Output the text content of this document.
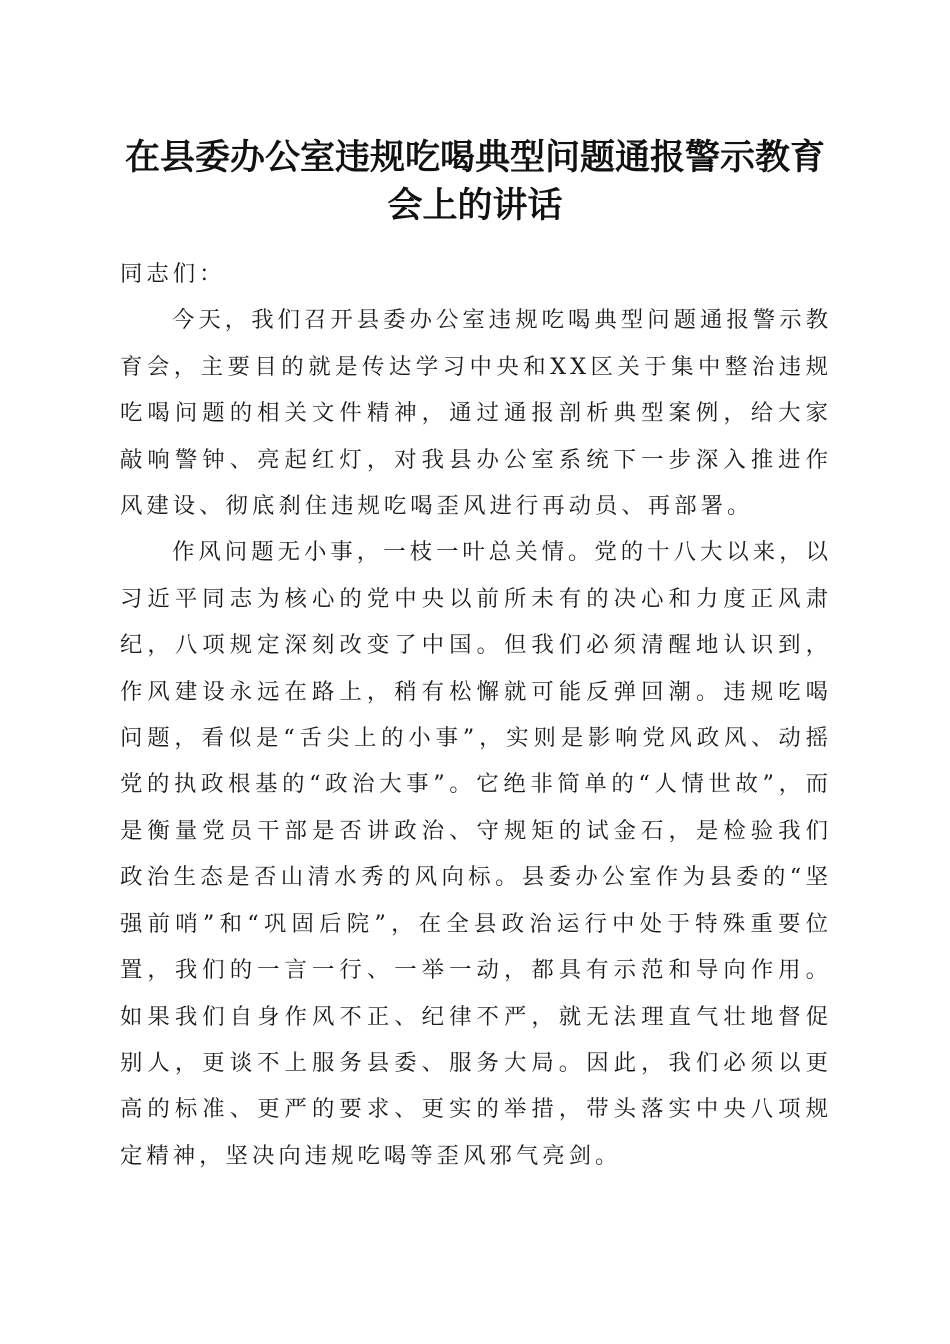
在县委办公室违规吃喝典型问题通报警示教育
会上的讲话

同志们：

今天，我们召开县委办公室违规吃喝典型问题通报警示教育会，主要目的就是传达学习中央和XX区关于集中整治违规吃喝问题的相关文件精神，通过通报剖析典型案例，给大家敲响警钟、亮起红灯，对我县办公室系统下一步深入推进作风建设、彻底刹住违规吃喝歪风进行再动员、再部署。

作风问题无小事，一枝一叶总关情。党的十八大以来，以习近平同志为核心的党中央以前所未有的决心和力度正风肃纪，八项规定深刻改变了中国。但我们必须清醒地认识到，作风建设永远在路上，稍有松懈就可能反弹回潮。违规吃喝问题，看似是“舌尖上的小事”，实则是影响党风政风、动摇党的执政根基的“政治大事”。它绝非简单的“人情世故”，而是衡量党员干部是否讲政治、守规矩的试金石，是检验我们政治生态是否山清水秀的风向标。县委办公室作为县委的“坚强前哨”和“巩固后院”，在全县政治运行中处于特殊重要位置，我们的一言一行、一举一动，都具有示范和导向作用。如果我们自身作风不正、纪律不严，就无法理直气壮地督促别人，更谈不上服务县委、服务大局。因此，我们必须以更高的标准、更严的要求、更实的举措，带头落实中央八项规定精神，坚决向违规吃喝等歪风邪气亮剑。
